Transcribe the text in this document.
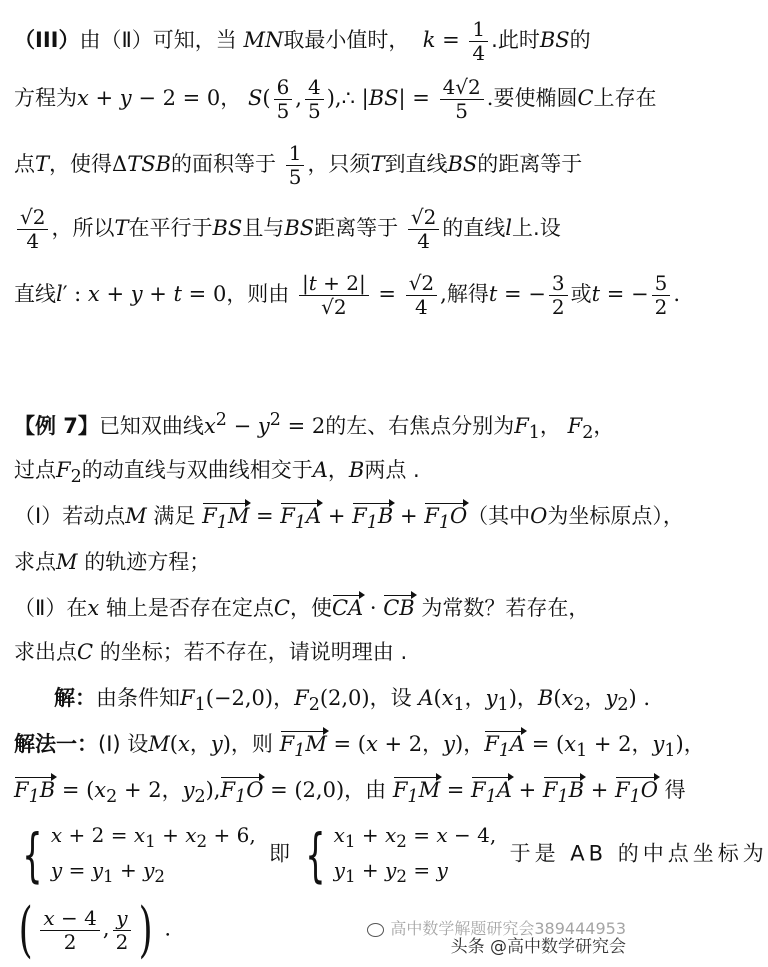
（III）由（Ⅱ）可知，当 MN取最小值时， $k = \frac{1}{4}$ .此时BS的
方程为x + y − 2 = 0， $S( \frac{6}{5}$ , $\frac{4}{5}$ ),∴ $|BS| = \frac{4√2}{5}$ .要使椭圆C上存在
点T，使得ΔTSB的面积等于 $\frac{1}{5}$ ，只须T到直线BS的距离等于
$\frac{√2}{4}$ ，所以T在平行于BS且与BS距离等于 $\frac{√2}{4}$ 的直线l上.设
直线l′ : x + y + t = 0，则由 $\frac{|t + 2|}{√2} = \frac{√2}{4}$ ,解得t = − $\frac{3}{2}$ 或t = − $\frac{5}{2}$ .
【例 7】已知双曲线$x^2 - y^2 = 2$的左、右焦点分别为$F_1$， $F_2$，
过点$F_2$的动直线与双曲线相交于A，B两点 .
（Ⅰ）若动点M 满足 $F_1M = F_1A + F_1B + F_1O$（其中O为坐标原点），
求点M 的轨迹方程；
（Ⅱ）在x 轴上是否存在定点C，使CA · CB 为常数？若存在，
求出点C 的坐标；若不存在，请说明理由 .
解：由条件知$F_1(-2,0)$，$F_2(2,0)$，设 $A(x_1$，$y_1$)，$B(x_2$，$y_2$) .
解法一：(Ⅰ) 设M(x，y)，则 $F_1M = (x + 2$，y)，$F_1A = (x_1 + 2$，$y_1$)，
$F_1B = (x_2 + 2$，$y_2),F_1O = (2,0)$，由 $F_1M = F_1A + F_1B + F_1O$ 得
{ $x + 2 = x_1 + x_2 + 6$,
$y = y_1 + y_2$
即 { $x_1 + x_2 = x - 4$,
$y_1 + y_2 = y$
于是 AB 的中点坐标为
( $\frac{x - 4}{2}$ , $\frac{y}{2}$ ) .	高中数学解题研究会389444953
头条 @高中数学研究会
